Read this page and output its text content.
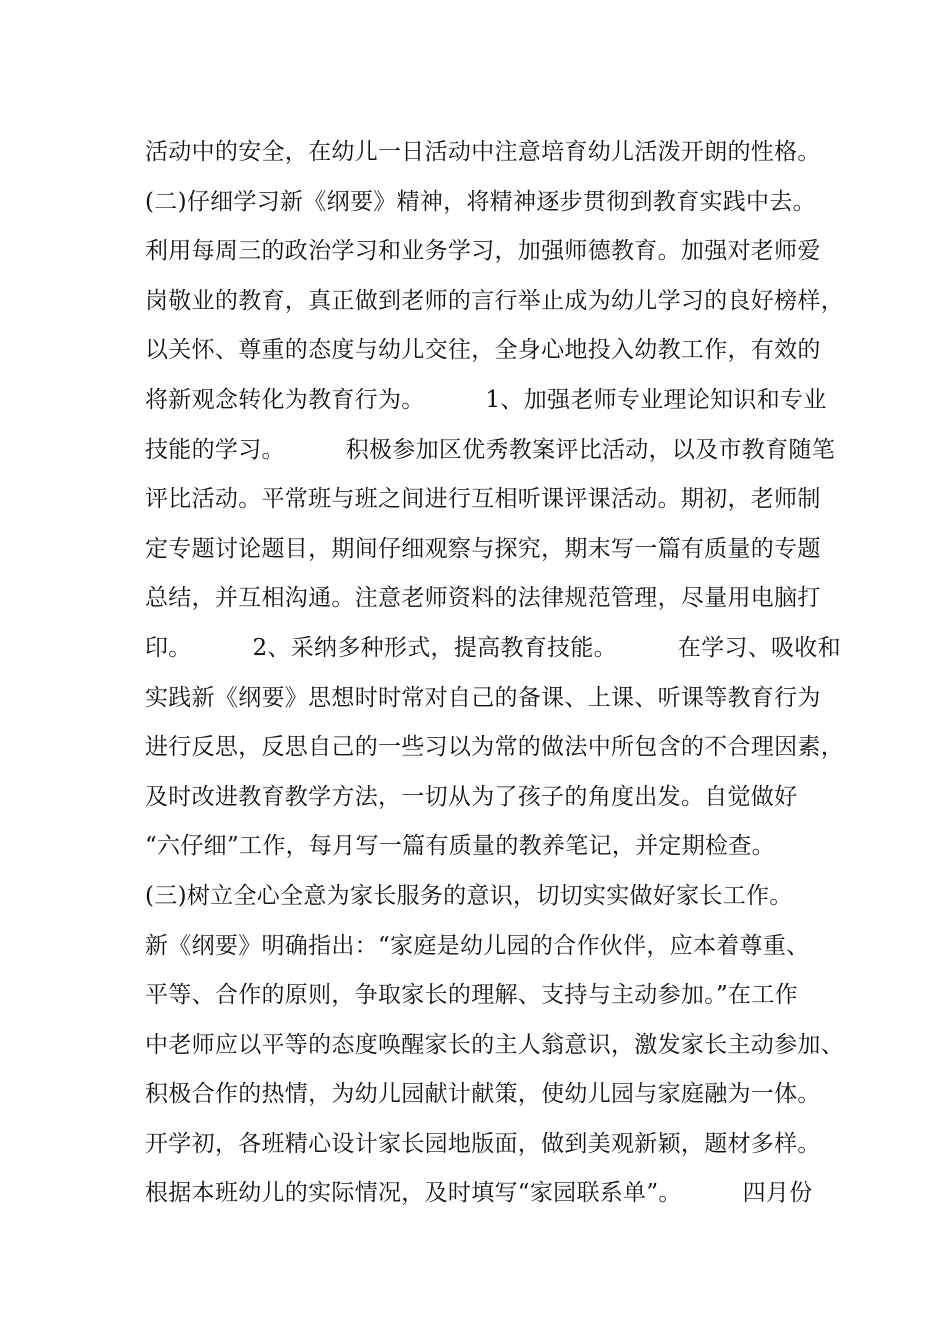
活动中的安全，在幼儿一日活动中注意培育幼儿活泼开朗的性格。
(二)仔细学习新《纲要》精神，将精神逐步贯彻到教育实践中去。
利用每周三的政治学习和业务学习，加强师德教育。加强对老师爱
岗敬业的教育，真正做到老师的言行举止成为幼儿学习的良好榜样，
以关怀、尊重的态度与幼儿交往，全身心地投入幼教工作，有效的
将新观念转化为教育行为。        1、加强老师专业理论知识和专业
技能的学习。        积极参加区优秀教案评比活动，以及市教育随笔
评比活动。平常班与班之间进行互相听课评课活动。期初，老师制
定专题讨论题目，期间仔细观察与探究，期末写一篇有质量的专题
总结，并互相沟通。注意老师资料的法律规范管理，尽量用电脑打
印。        2、采纳多种形式，提高教育技能。        在学习、吸收和
实践新《纲要》思想时时常对自己的备课、上课、听课等教育行为
进行反思，反思自己的一些习以为常的做法中所包含的不合理因素，
及时改进教育教学方法，一切从为了孩子的角度出发。自觉做好
“六仔细”工作，每月写一篇有质量的教养笔记，并定期检查。
(三)树立全心全意为家长服务的意识，切切实实做好家长工作。
新《纲要》明确指出：“家庭是幼儿园的合作伙伴，应本着尊重、
平等、合作的原则，争取家长的理解、支持与主动参加。”在工作
中老师应以平等的态度唤醒家长的主人翁意识，激发家长主动参加、
积极合作的热情，为幼儿园献计献策，使幼儿园与家庭融为一体。
开学初，各班精心设计家长园地版面，做到美观新颖，题材多样。
根据本班幼儿的实际情况，及时填写“家园联系单”。        四月份
